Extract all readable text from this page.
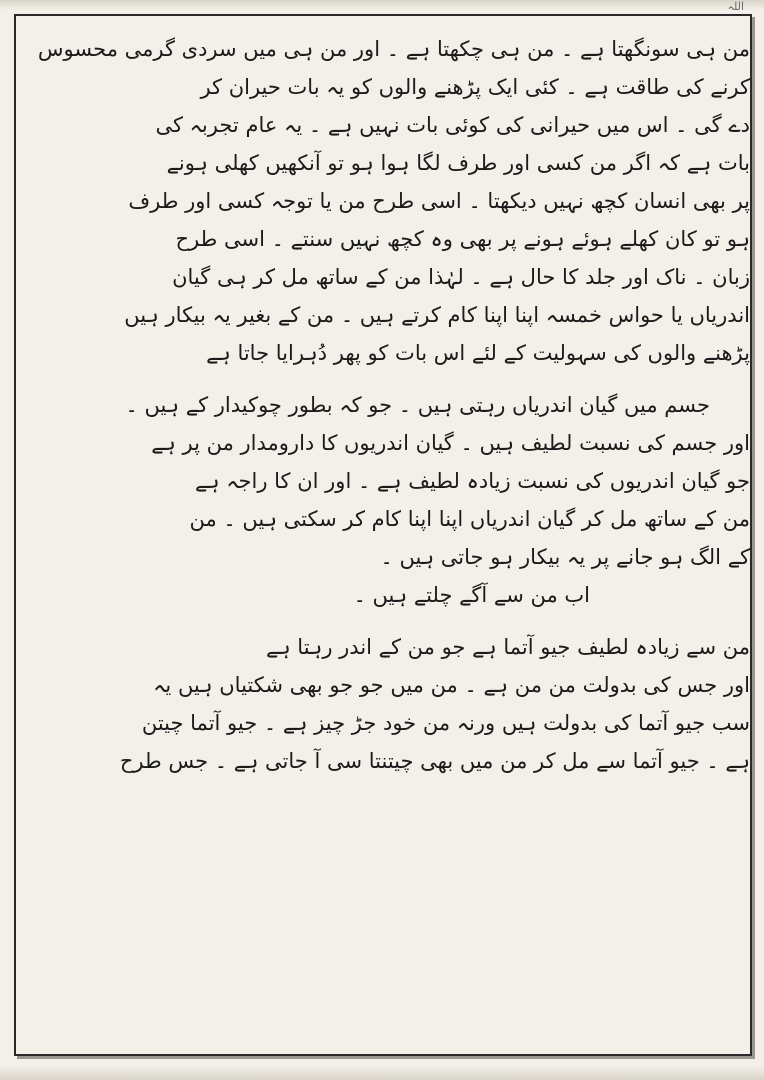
اللہ
من ہی سونگھتا ہے ۔ من ہی چکھتا ہے ۔ اور من ہی میں سردی گرمی محسوس
کرنے کی طاقت ہے ۔ کئی ایک پڑھنے والوں کو یہ بات حیران کر
دے گی ۔ اس میں حیرانی کی کوئی بات نہیں ہے ۔ یہ عام تجربہ کی
بات ہے کہ اگر من کسی اور طرف لگا ہوا ہو تو آنکھیں کھلی ہونے
پر بھی انسان کچھ نہیں دیکھتا ۔ اسی طرح من یا توجہ کسی اور طرف
ہو تو کان کھلے ہوئے ہونے پر بھی وہ کچھ نہیں سنتے ۔ اسی طرح
زبان ۔ ناک اور جلد کا حال ہے ۔ لہٰذا من کے ساتھ مل کر ہی گیان
اندریاں یا حواس خمسہ اپنا اپنا کام کرتے ہیں ۔ من کے بغیر یہ بیکار ہیں
پڑھنے والوں کی سہولیت کے لئے اس بات کو پھر دُہرایا جاتا ہے
جسم میں گیان اندریاں رہتی ہیں ۔ جو کہ بطور چوکیدار کے ہیں ۔
اور جسم کی نسبت لطیف ہیں ۔ گیان اندریوں کا دارومدار من پر ہے
جو گیان اندریوں کی نسبت زیادہ لطیف ہے ۔ اور ان کا راجہ ہے
من کے ساتھ مل کر گیان اندریاں اپنا اپنا کام کر سکتی ہیں ۔ من
کے الگ ہو جانے پر یہ بیکار ہو جاتی ہیں ۔
اب من سے آگے چلتے ہیں ۔
من سے زیادہ لطیف جیو آتما ہے جو من کے اندر رہتا ہے
اور جس کی بدولت من من ہے ۔ من میں جو جو بھی شکتیاں ہیں یہ
سب جیو آتما کی بدولت ہیں ورنہ من خود جڑ چیز ہے ۔ جیو آتما چیتن
ہے ۔ جیو آتما سے مل کر من میں بھی چیتنتا سی آ جاتی ہے ۔ جس طرح
